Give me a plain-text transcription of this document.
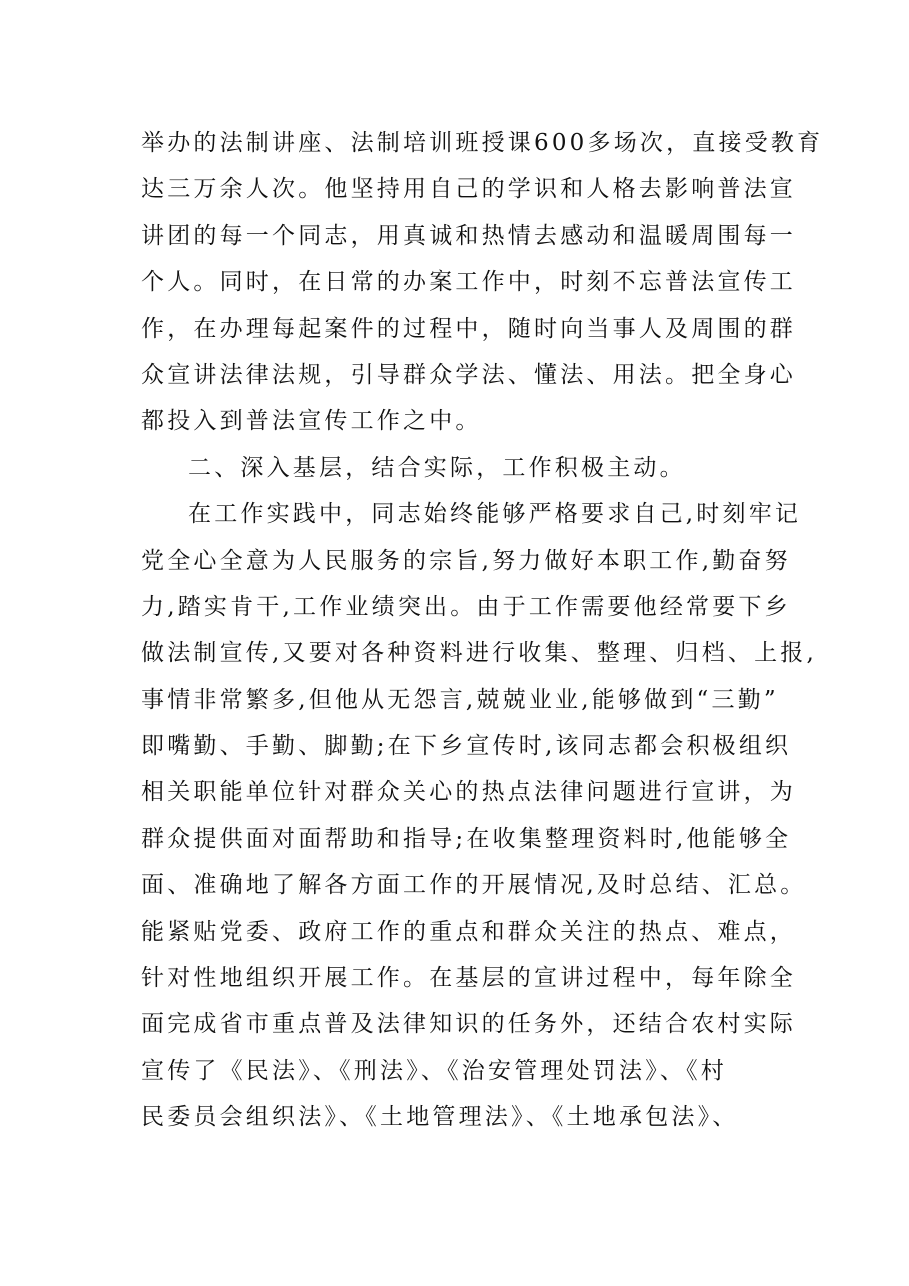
举办的法制讲座、法制培训班授课600多场次，直接受教育
达三万余人次。他坚持用自己的学识和人格去影响普法宣
讲团的每一个同志，用真诚和热情去感动和温暖周围每一
个人。同时，在日常的办案工作中，时刻不忘普法宣传工
作，在办理每起案件的过程中，随时向当事人及周围的群
众宣讲法律法规，引导群众学法、懂法、用法。把全身心
都投入到普法宣传工作之中。
二、深入基层，结合实际，工作积极主动。
在工作实践中，同志始终能够严格要求自己,时刻牢记
党全心全意为人民服务的宗旨,努力做好本职工作,勤奋努
力,踏实肯干,工作业绩突出。由于工作需要他经常要下乡
做法制宣传,又要对各种资料进行收集、整理、归档、上报,
事情非常繁多,但他从无怨言,兢兢业业,能够做到“三勤”
即嘴勤、手勤、脚勤;在下乡宣传时,该同志都会积极组织
相关职能单位针对群众关心的热点法律问题进行宣讲，为
群众提供面对面帮助和指导;在收集整理资料时,他能够全
面、准确地了解各方面工作的开展情况,及时总结、汇总。
能紧贴党委、政府工作的重点和群众关注的热点、难点，
针对性地组织开展工作。在基层的宣讲过程中，每年除全
面完成省市重点普及法律知识的任务外，还结合农村实际
宣传了《民法》、《刑法》、《治安管理处罚法》、《村
民委员会组织法》、《土地管理法》、《土地承包法》、
